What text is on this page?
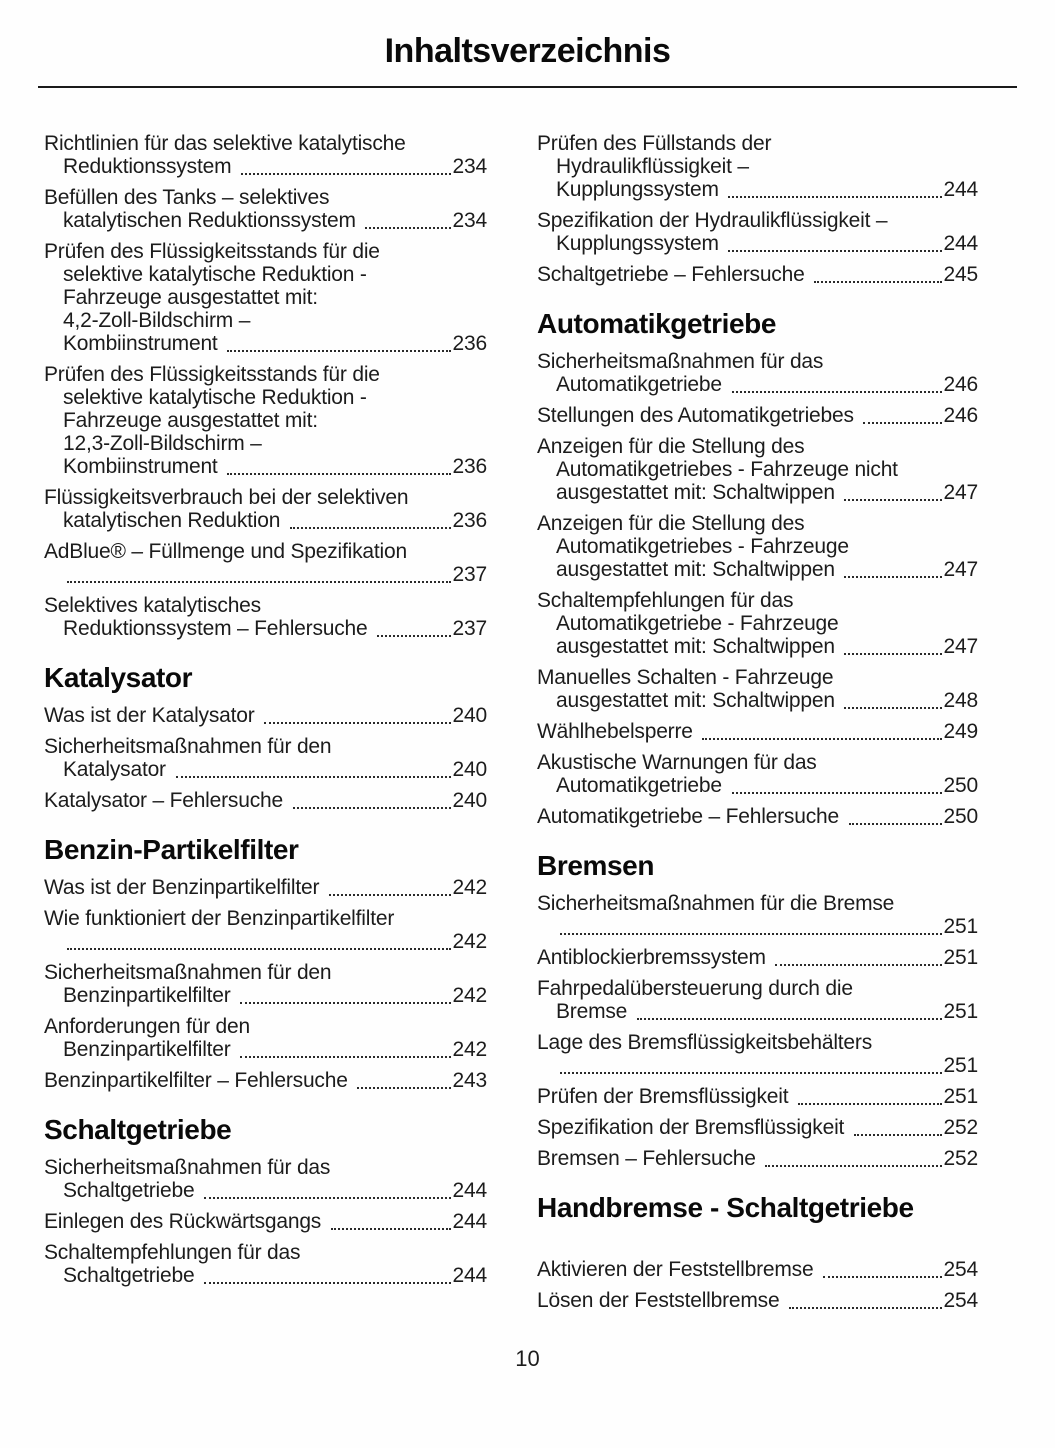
Inhaltsverzeichnis
Richtlinien für das selektive katalytische
Reduktionssystem	234
Befüllen des Tanks – selektives
katalytischen Reduktionssystem	234
Prüfen des Flüssigkeitsstands für die
selektive katalytische Reduktion -
Fahrzeuge ausgestattet mit:
4,2-Zoll-Bildschirm –
Kombiinstrument	236
Prüfen des Flüssigkeitsstands für die
selektive katalytische Reduktion -
Fahrzeuge ausgestattet mit:
12,3-Zoll-Bildschirm –
Kombiinstrument	236
Flüssigkeitsverbrauch bei der selektiven
katalytischen Reduktion	236
AdBlue® – Füllmenge und Spezifikation
237
Selektives katalytisches
Reduktionssystem – Fehlersuche	237
Katalysator
Was ist der Katalysator	240
Sicherheitsmaßnahmen für den
Katalysator	240
Katalysator – Fehlersuche	240
Benzin-Partikelfilter
Was ist der Benzinpartikelfilter	242
Wie funktioniert der Benzinpartikelfilter
242
Sicherheitsmaßnahmen für den
Benzinpartikelfilter	242
Anforderungen für den
Benzinpartikelfilter	242
Benzinpartikelfilter – Fehlersuche	243
Schaltgetriebe
Sicherheitsmaßnahmen für das
Schaltgetriebe	244
Einlegen des Rückwärtsgangs	244
Schaltempfehlungen für das
Schaltgetriebe	244
Prüfen des Füllstands der
Hydraulikflüssigkeit –
Kupplungssystem	244
Spezifikation der Hydraulikflüssigkeit –
Kupplungssystem	244
Schaltgetriebe – Fehlersuche	245
Automatikgetriebe
Sicherheitsmaßnahmen für das
Automatikgetriebe	246
Stellungen des Automatikgetriebes	246
Anzeigen für die Stellung des
Automatikgetriebes - Fahrzeuge nicht
ausgestattet mit: Schaltwippen	247
Anzeigen für die Stellung des
Automatikgetriebes - Fahrzeuge
ausgestattet mit: Schaltwippen	247
Schaltempfehlungen für das
Automatikgetriebe - Fahrzeuge
ausgestattet mit: Schaltwippen	247
Manuelles Schalten - Fahrzeuge
ausgestattet mit: Schaltwippen	248
Wählhebelsperre	249
Akustische Warnungen für das
Automatikgetriebe	250
Automatikgetriebe – Fehlersuche	250
Bremsen
Sicherheitsmaßnahmen für die Bremse
251
Antiblockierbremssystem	251
Fahrpedalübersteuerung durch die
Bremse	251
Lage des Bremsflüssigkeitsbehälters
251
Prüfen der Bremsflüssigkeit	251
Spezifikation der Bremsflüssigkeit	252
Bremsen – Fehlersuche	252
Handbremse - Schaltgetriebe
Aktivieren der Feststellbremse	254
Lösen der Feststellbremse	254
10
